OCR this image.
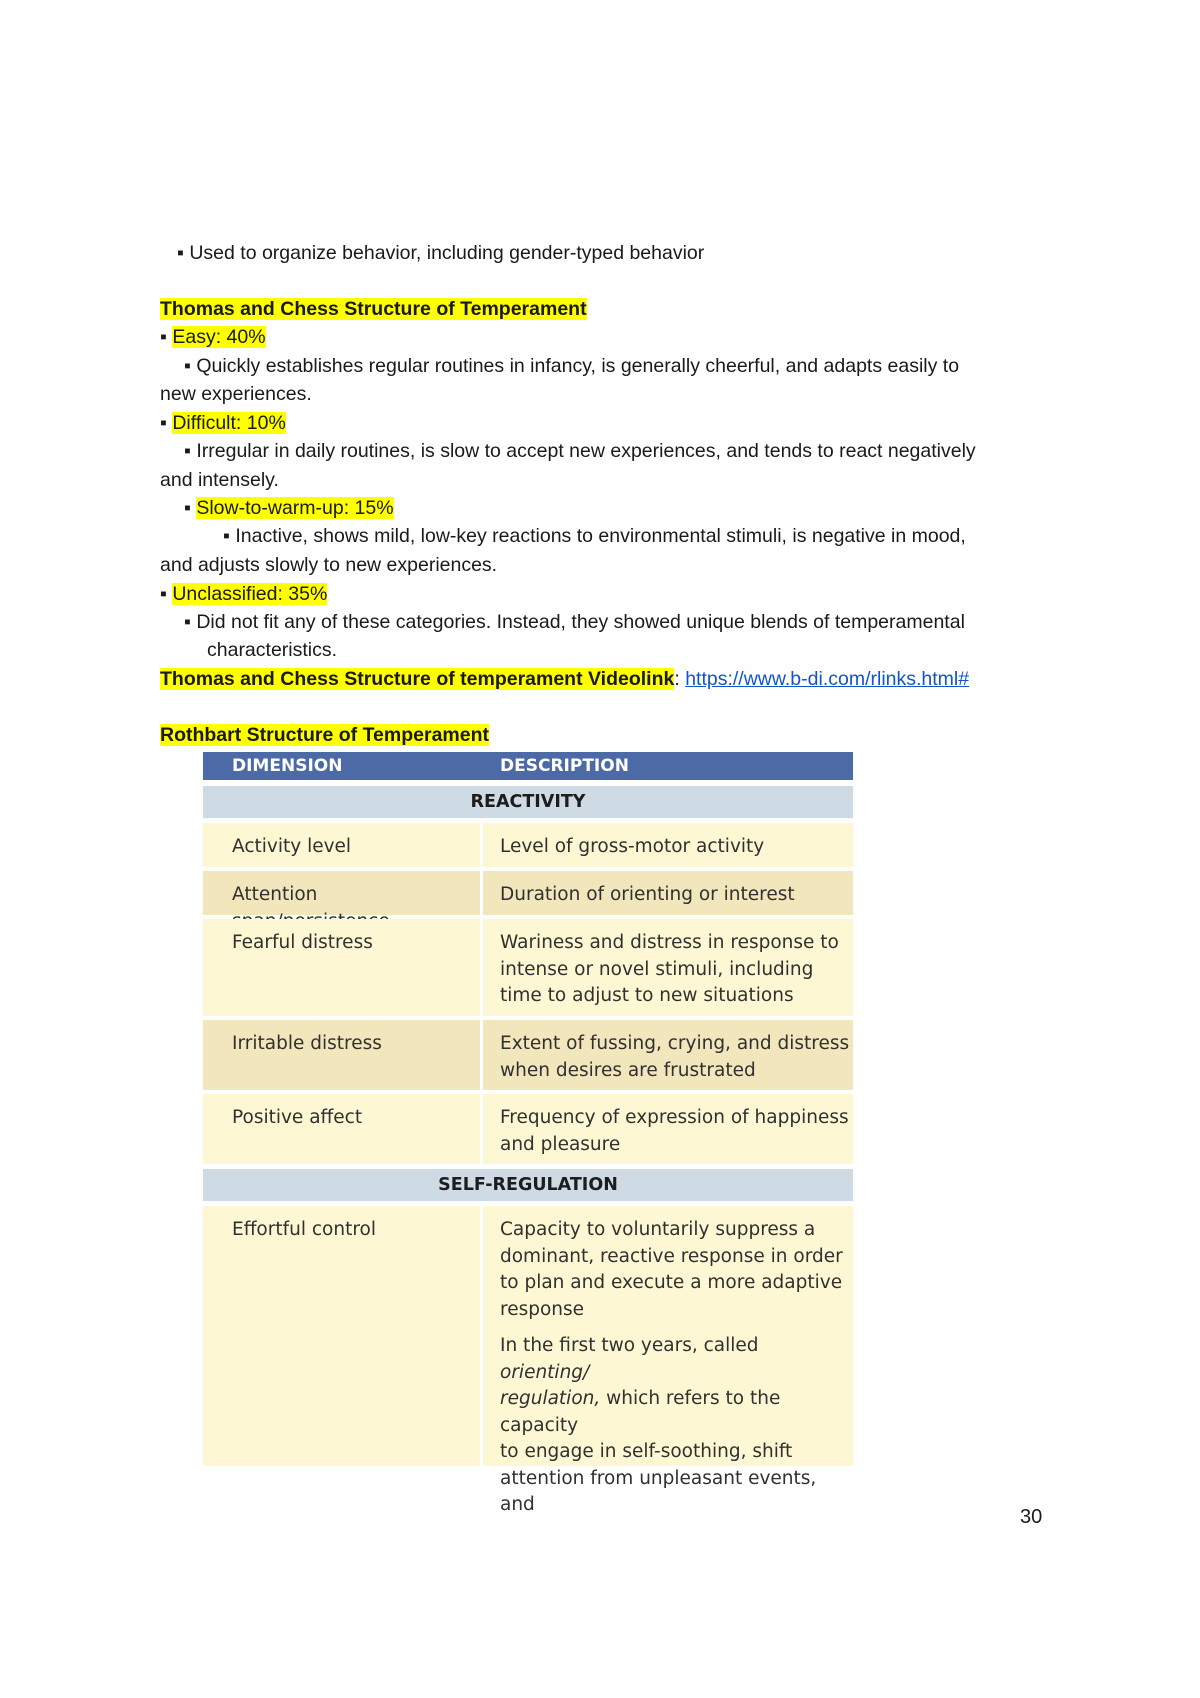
▪ Used to organize behavior, including gender-typed behavior
Thomas and Chess Structure of Temperament
▪ Easy: 40%
▪ Quickly establishes regular routines in infancy, is generally cheerful, and adapts easily to
new experiences.
▪ Difficult: 10%
▪ Irregular in daily routines, is slow to accept new experiences, and tends to react negatively
and intensely.
▪ Slow-to-warm-up: 15%
▪ Inactive, shows mild, low-key reactions to environmental stimuli, is negative in mood,
and adjusts slowly to new experiences.
▪ Unclassified: 35%
▪ Did not fit any of these categories. Instead, they showed unique blends of temperamental
characteristics.
Thomas and Chess Structure of temperament Videolink: https://www.b-di.com/rlinks.html#
Rothbart Structure of Temperament
DIMENSION	DESCRIPTION
REACTIVITY
Activity level	Level of gross-motor activity
Attention	Duration of orienting or interest
Fearful distress	Wariness and distress in response to
intense or novel stimuli, including
time to adjust to new situations
Irritable distress	Extent of fussing, crying, and distress
when desires are frustrated
Positive affect	Frequency of expression of happiness
and pleasure
SELF-REGULATION
Effortful control	Capacity to voluntarily suppress a
dominant, reactive response in order
to plan and execute a more adaptive
response
In the first two years, called orienting/
regulation, which refers to the capacity
to engage in self-soothing, shift
attention from unpleasant events, and
30
